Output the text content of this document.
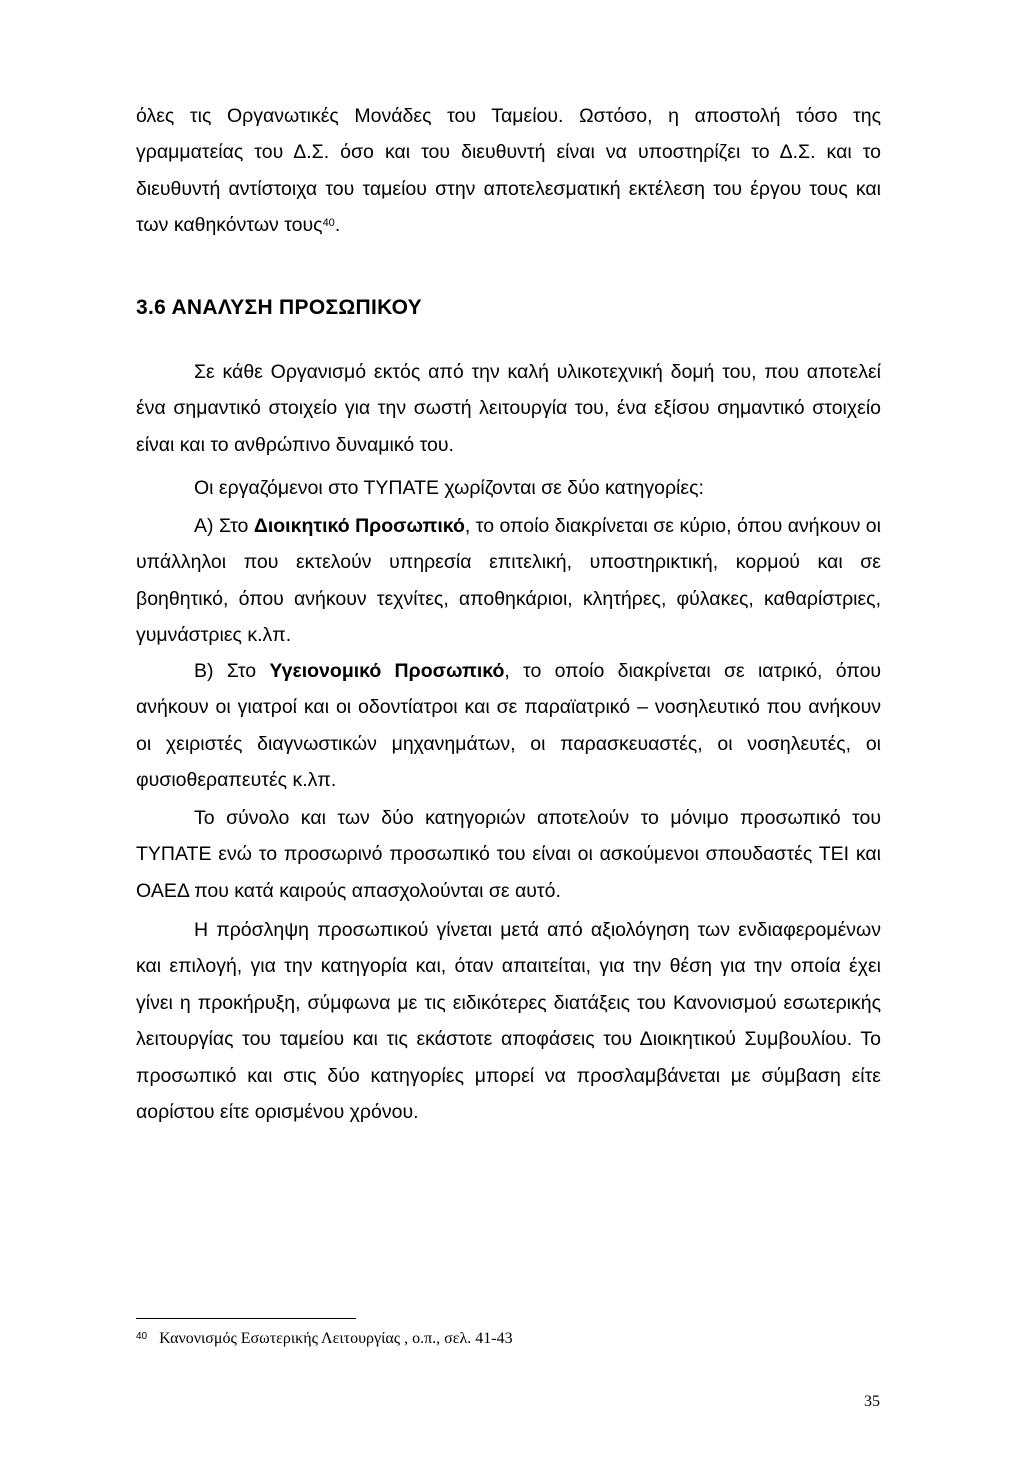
όλες τις Οργανωτικές Μονάδες του Ταμείου. Ωστόσο, η αποστολή τόσο της γραμματείας του Δ.Σ. όσο και του διευθυντή είναι να υποστηρίζει το Δ.Σ. και το διευθυντή αντίστοιχα του ταμείου στην αποτελεσματική εκτέλεση του έργου τους και των καθηκόντων τους$^{40}$.

3.6 ΑΝΑΛΥΣΗ ΠΡΟΣΩΠΙΚΟΥ

Σε κάθε Οργανισμό εκτός από την καλή υλικοτεχνική δομή του, που αποτελεί ένα σημαντικό στοιχείο για την σωστή λειτουργία του, ένα εξίσου σημαντικό στοιχείο είναι και το ανθρώπινο δυναμικό του.

Οι εργαζόμενοι στο ΤΥΠΑΤΕ χωρίζονται σε δύο κατηγορίες:

Α) Στο Διοικητικό Προσωπικό, το οποίο διακρίνεται σε κύριο, όπου ανήκουν οι υπάλληλοι που εκτελούν υπηρεσία επιτελική, υποστηρικτική, κορμού και σε βοηθητικό, όπου ανήκουν τεχνίτες, αποθηκάριοι, κλητήρες, φύλακες, καθαρίστριες, γυμνάστριες κ.λπ.

Β) Στο Υγειονομικό Προσωπικό, το οποίο διακρίνεται σε ιατρικό, όπου ανήκουν οι γιατροί και οι οδοντίατροι και σε παραϊατρικό – νοσηλευτικό που ανήκουν οι χειριστές διαγνωστικών μηχανημάτων, οι παρασκευαστές, οι νοσηλευτές, οι φυσιοθεραπευτές κ.λπ.

Το σύνολο και των δύο κατηγοριών αποτελούν το μόνιμο προσωπικό του ΤΥΠΑΤΕ ενώ το προσωρινό προσωπικό του είναι οι ασκούμενοι σπουδαστές ΤΕΙ και ΟΑΕΔ που κατά καιρούς απασχολούνται σε αυτό.

Η πρόσληψη προσωπικού γίνεται μετά από αξιολόγηση των ενδιαφερομένων και επιλογή, για την κατηγορία και, όταν απαιτείται, για την θέση για την οποία έχει γίνει η προκήρυξη, σύμφωνα με τις ειδικότερες διατάξεις του Κανονισμού εσωτερικής λειτουργίας του ταμείου και τις εκάστοτε αποφάσεις του Διοικητικού Συμβουλίου. Το προσωπικό και στις δύο κατηγορίες μπορεί να προσλαμβάνεται με σύμβαση είτε αορίστου είτε ορισμένου χρόνου.

$^{40}$ Κανονισμός Εσωτερικής Λειτουργίας , ο.π., σελ. 41-43

35
